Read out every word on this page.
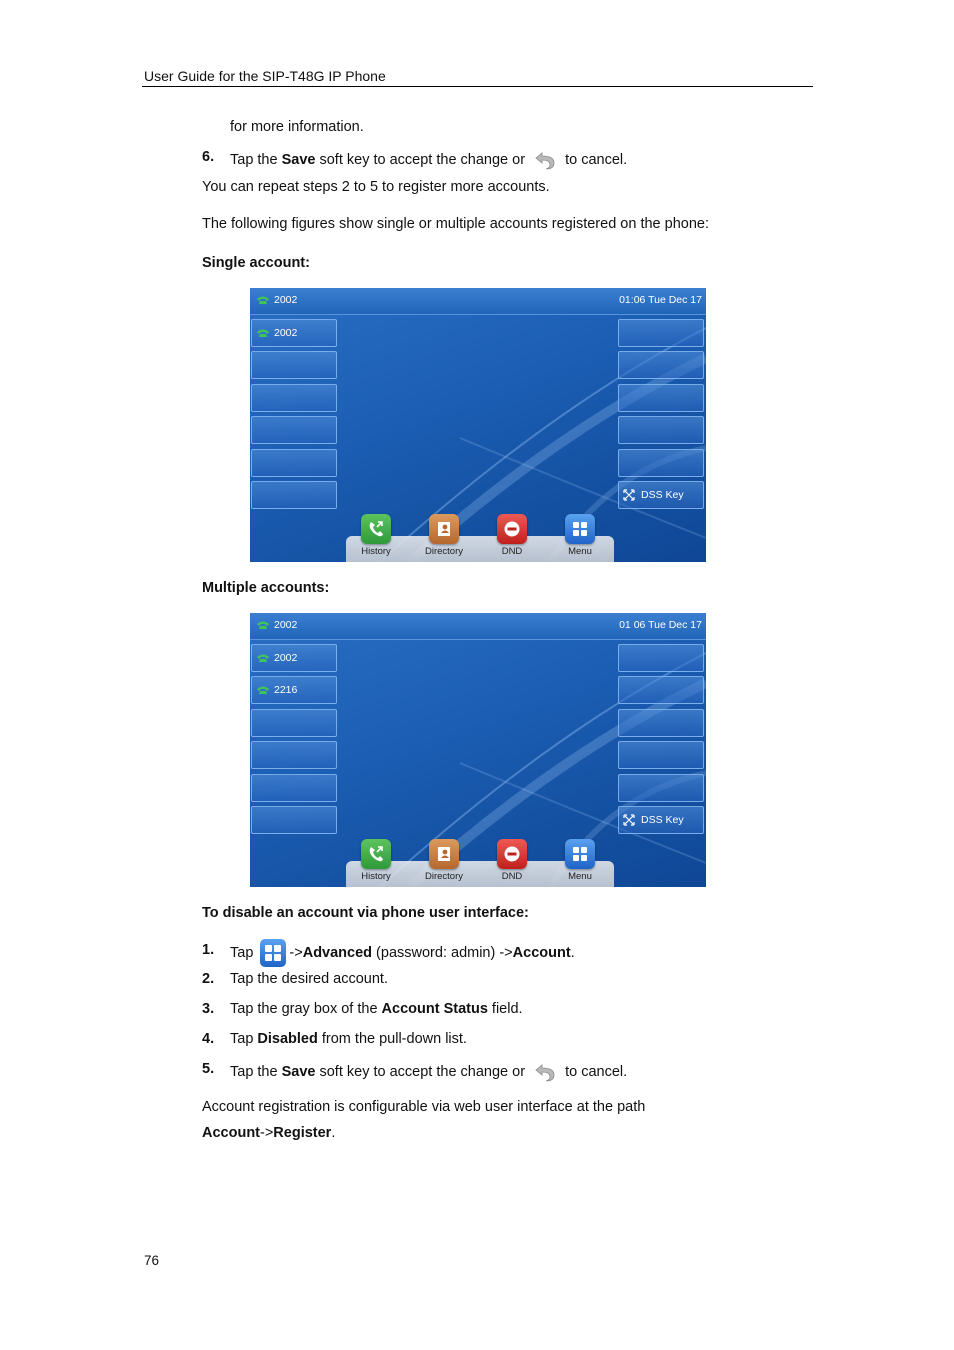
User Guide for the SIP-T48G IP Phone
for more information.
6. Tap the Save soft key to accept the change or	to cancel.
You can repeat steps 2 to 5 to register more accounts.
The following figures show single or multiple accounts registered on the phone:
Single account:
2002	01:06 Tue Dec 17
2002
DSS Key
History	Directory	DND	Menu
Multiple accounts:
2002	01 06 Tue Dec 17
2002
2216
DSS Key
History	Directory	DND	Menu
To disable an account via phone user interface:
1. Tap ->Advanced (password: admin) ->Account.
2. Tap the desired account.
3. Tap the gray box of the Account Status field.
4. Tap Disabled from the pull-down list.
5. Tap the Save soft key to accept the change or	to cancel.
Account registration is configurable via web user interface at the path
Account->Register.
76
